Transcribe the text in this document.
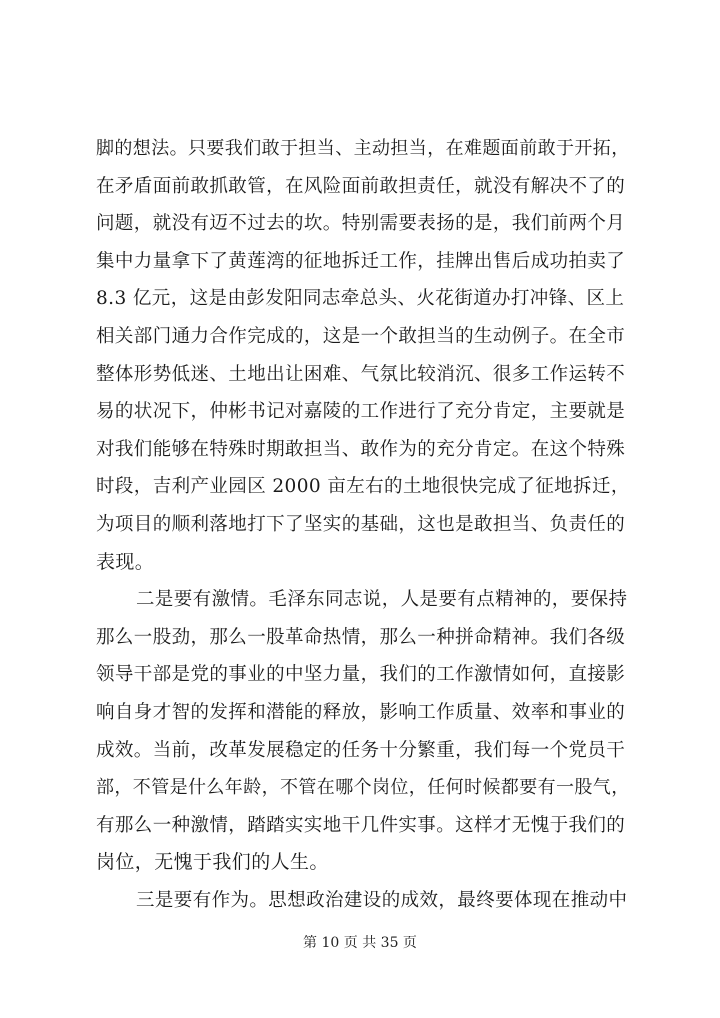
脚的想法。只要我们敢于担当、主动担当，在难题面前敢于开拓，
在矛盾面前敢抓敢管，在风险面前敢担责任，就没有解决不了的
问题，就没有迈不过去的坎。特别需要表扬的是，我们前两个月
集中力量拿下了黄莲湾的征地拆迁工作，挂牌出售后成功拍卖了
8.3 亿元，这是由彭发阳同志牵总头、火花街道办打冲锋、区上
相关部门通力合作完成的，这是一个敢担当的生动例子。在全市
整体形势低迷、土地出让困难、气氛比较消沉、很多工作运转不
易的状况下，仲彬书记对嘉陵的工作进行了充分肯定，主要就是
对我们能够在特殊时期敢担当、敢作为的充分肯定。在这个特殊
时段，吉利产业园区 2000 亩左右的土地很快完成了征地拆迁，
为项目的顺利落地打下了坚实的基础，这也是敢担当、负责任的
表现。
二是要有激情。毛泽东同志说，人是要有点精神的，要保持
那么一股劲，那么一股革命热情，那么一种拼命精神。我们各级
领导干部是党的事业的中坚力量，我们的工作激情如何，直接影
响自身才智的发挥和潜能的释放，影响工作质量、效率和事业的
成效。当前，改革发展稳定的任务十分繁重，我们每一个党员干
部，不管是什么年龄，不管在哪个岗位，任何时候都要有一股气，
有那么一种激情，踏踏实实地干几件实事。这样才无愧于我们的
岗位，无愧于我们的人生。
三是要有作为。思想政治建设的成效，最终要体现在推动中
第 10 页 共 35 页
